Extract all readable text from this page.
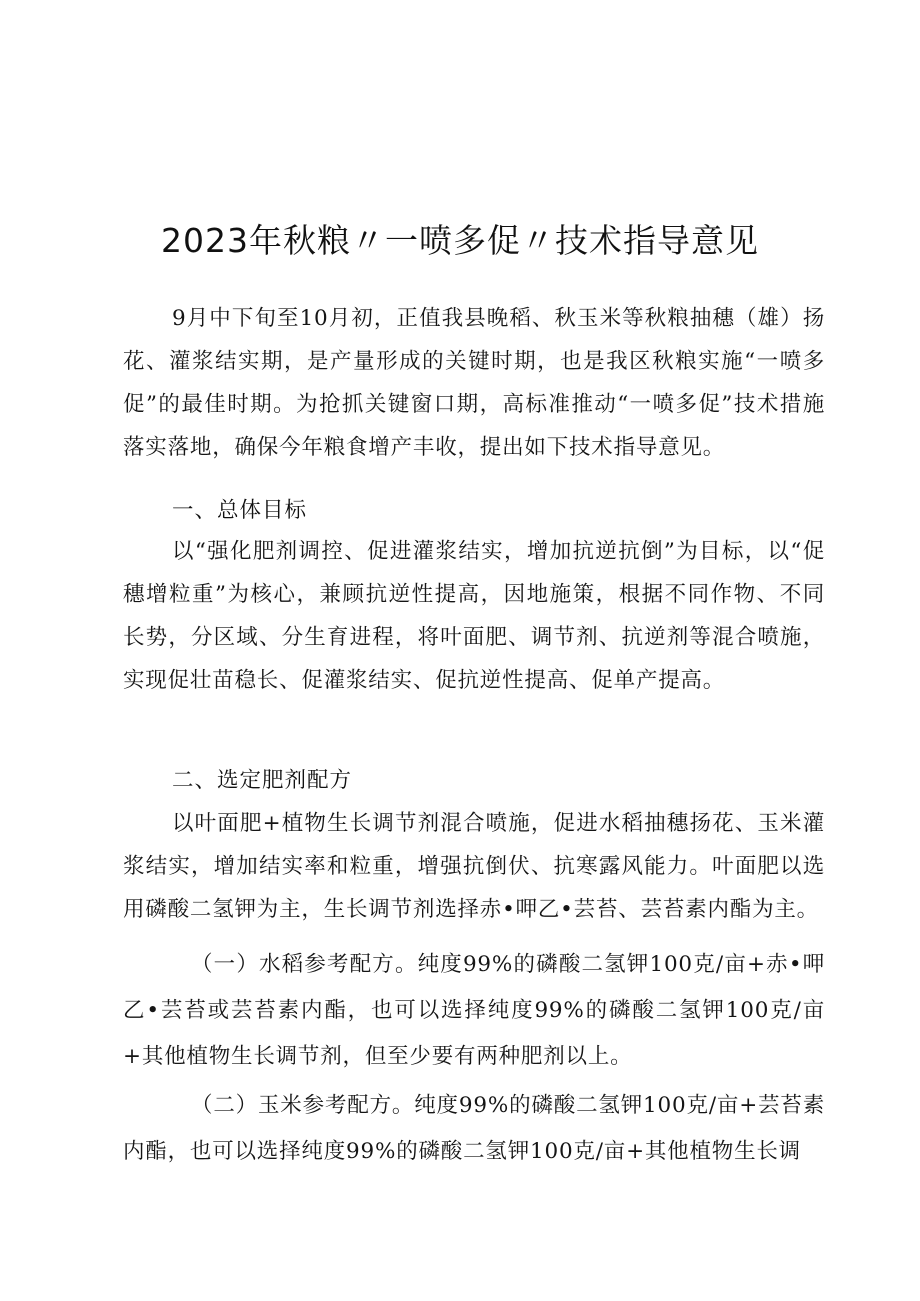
2023年秋粮〃一喷多促〃技术指导意见

9月中下旬至10月初，正值我县晚稻、秋玉米等秋粮抽穗（雄）扬花、灌浆结实期，是产量形成的关键时期，也是我区秋粮实施“一喷多促”的最佳时期。为抢抓关键窗口期，高标准推动“一喷多促”技术措施落实落地，确保今年粮食增产丰收，提出如下技术指导意见。

一、总体目标

以“强化肥剂调控、促进灌浆结实，增加抗逆抗倒”为目标，以“促穗增粒重”为核心，兼顾抗逆性提高，因地施策，根据不同作物、不同长势，分区域、分生育进程，将叶面肥、调节剂、抗逆剂等混合喷施，实现促壮苗稳长、促灌浆结实、促抗逆性提高、促单产提高。

二、选定肥剂配方

以叶面肥+植物生长调节剂混合喷施，促进水稻抽穗扬花、玉米灌浆结实，增加结实率和粒重，增强抗倒伏、抗寒露风能力。叶面肥以选用磷酸二氢钾为主，生长调节剂选择赤•呷乙•芸苔、芸苔素内酯为主。

（一）水稻参考配方。纯度99%的磷酸二氢钾100克/亩+赤•呷乙•芸苔或芸苔素内酯，也可以选择纯度99%的磷酸二氢钾100克/亩+其他植物生长调节剂，但至少要有两种肥剂以上。

（二）玉米参考配方。纯度99%的磷酸二氢钾100克/亩+芸苔素内酯，也可以选择纯度99%的磷酸二氢钾100克/亩+其他植物生长调
